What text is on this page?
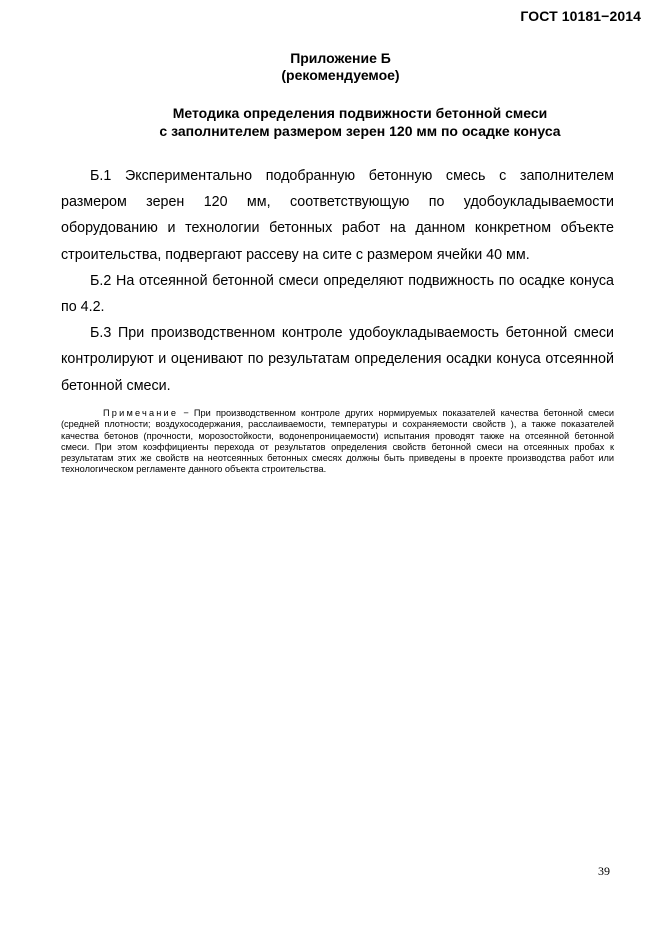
ГОСТ 10181−2014
Приложение Б
(рекомендуемое)
Методика определения подвижности бетонной смеси
с заполнителем размером зерен 120 мм по осадке конуса

Б.1 Экспериментально подобранную бетонную смесь с заполнителем размером зерен 120 мм, соответствующую по удобоукладываемости оборудованию и технологии бетонных работ на данном конкретном объекте строительства, подвергают рассеву на сите с размером ячейки 40 мм.

Б.2 На отсеянной бетонной смеси определяют подвижность по осадке конуса по 4.2.

Б.3 При производственном контроле удобоукладываемость бетонной смеси контролируют и оценивают по результатам определения осадки конуса отсеянной бетонной смеси.

Примечание − При производственном контроле других нормируемых показателей качества бетонной смеси (средней плотности; воздухосодержания, расслаиваемости, температуры и сохраняемости свойств ), а также показателей качества бетонов (прочности, морозостойкости, водонепроницаемости) испытания проводят также на отсеянной бетонной смеси. При этом коэффициенты перехода от результатов определения свойств бетонной смеси на отсеянных пробах к результатам этих же свойств на неотсеянных бетонных смесях должны быть приведены в проекте производства работ или технологическом регламенте данного объекта строительства.

39
